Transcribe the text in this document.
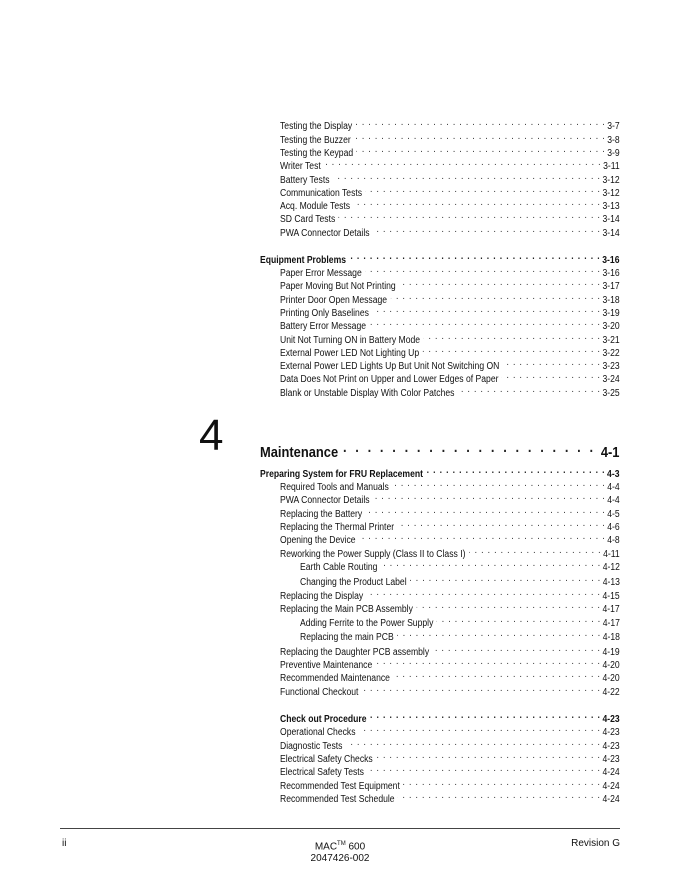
Testing the Display . . .	3-7
Testing the Buzzer . . .	3-8
Testing the Keypad . . .	3-9
Writer Test . . .	3-11
Battery Tests . . .	3-12
Communication Tests . . .	3-12
Acq. Module Tests . . .	3-13
SD Card Tests . . .	3-14
PWA Connector Details . . .	3-14
Equipment Problems . . .	3-16
Paper Error Message . . .	3-16
Paper Moving But Not Printing . . .	3-17
Printer Door Open Message . . .	3-18
Printing Only Baselines . . .	3-19
Battery Error Message . . .	3-20
Unit Not Turning ON in Battery Mode . . .	3-21
External Power LED Not Lighting Up . . .	3-22
External Power LED Lights Up But Unit Not Switching ON . . .	3-23
Data Does Not Print on Upper and Lower Edges of Paper . . .	3-24
Blank or Unstable Display With Color Patches . . .	3-25
4 Maintenance . . .	4-1
Preparing System for FRU Replacement . . .	4-3
Required Tools and Manuals . . .	4-4
PWA Connector Details . . .	4-4
Replacing the Battery . . .	4-5
Replacing the Thermal Printer . . .	4-6
Opening the Device . . .	4-8
Reworking the Power Supply (Class II to Class I) . . .	4-11
Earth Cable Routing . . .	4-12
Changing the Product Label . . .	4-13
Replacing the Display . . .	4-15
Replacing the Main PCB Assembly . . .	4-17
Adding Ferrite to the Power Supply . . .	4-17
Replacing the main PCB . . .	4-18
Replacing the Daughter PCB assembly . . .	4-19
Preventive Maintenance . . .	4-20
Recommended Maintenance . . .	4-20
Functional Checkout . . .	4-22
Check out Procedure . . .	4-23
Operational Checks . . .	4-23
Diagnostic Tests . . .	4-23
Electrical Safety Checks . . .	4-23
Electrical Safety Tests . . .	4-24
Recommended Test Equipment . . .	4-24
Recommended Test Schedule . . .	4-24
ii	MAC™ 600
2047426-002
Revision G
